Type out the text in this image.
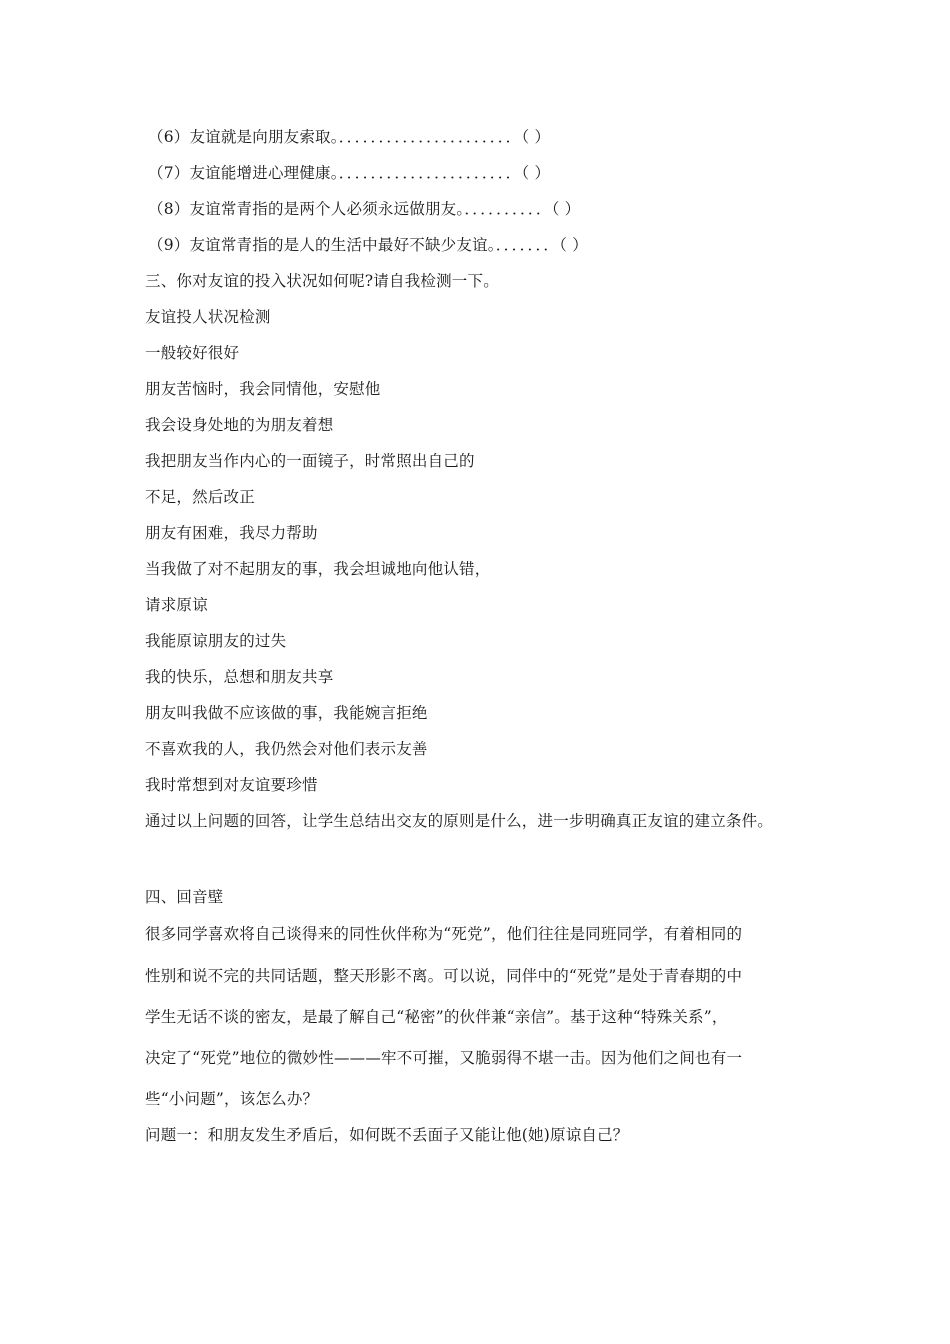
（6）友谊就是向朋友索取。．．．．．．．．．．．．．．．．．．．．．．（ ）
（7）友谊能增进心理健康。．．．．．．．．．．．．．．．．．．．．．．（ ）
（8）友谊常青指的是两个人必须永远做朋友。．．．．．．．．．．（ ）
（9）友谊常青指的是人的生活中最好不缺少友谊。．．．．．．．（ ）
三、你对友谊的投入状况如何呢?请自我检测一下。
友谊投人状况检测
一般较好很好
朋友苦恼时，我会同情他，安慰他
我会设身处地的为朋友着想
我把朋友当作内心的一面镜子，时常照出自己的
不足，然后改正
朋友有困难，我尽力帮助
当我做了对不起朋友的事，我会坦诚地向他认错，
请求原谅
我能原谅朋友的过失
我的快乐，总想和朋友共享
朋友叫我做不应该做的事，我能婉言拒绝
不喜欢我的人，我仍然会对他们表示友善
我时常想到对友谊要珍惜
通过以上问题的回答，让学生总结出交友的原则是什么，进一步明确真正友谊的建立条件。
四、回音壁
很多同学喜欢将自己谈得来的同性伙伴称为“死党”，他们往往是同班同学，有着相同的
性别和说不完的共同话题，整天形影不离。可以说，同伴中的“死党”是处于青春期的中
学生无话不谈的密友，是最了解自己“秘密”的伙伴兼“亲信”。基于这种“特殊关系”，
决定了“死党”地位的微妙性———牢不可摧，又脆弱得不堪一击。因为他们之间也有一
些“小问题”，该怎么办？
问题一：和朋友发生矛盾后，如何既不丢面子又能让他(她)原谅自己？
